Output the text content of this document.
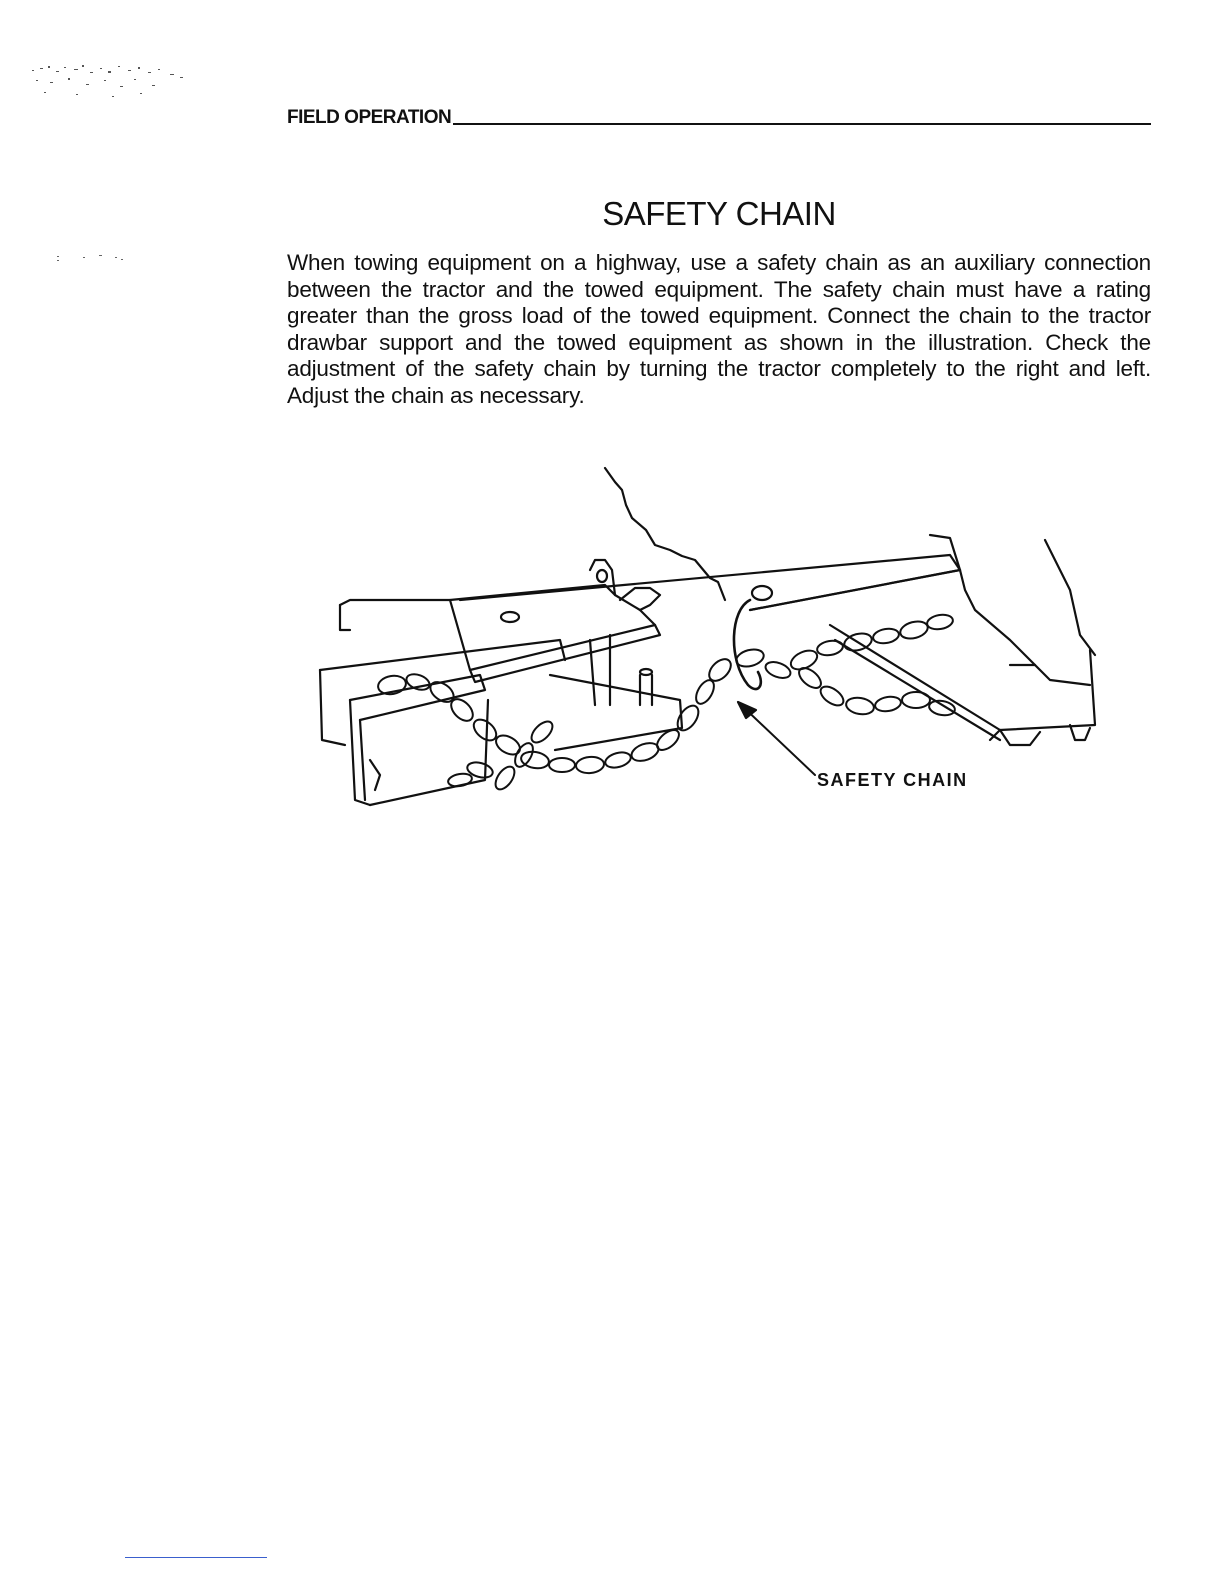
FIELD OPERATION
SAFETY CHAIN
When towing equipment on a highway, use a safety chain as an auxiliary connection between the tractor and the towed equipment. The safety chain must have a rating greater than the gross load of the towed equipment. Connect the chain to the tractor drawbar support and the towed equipment as shown in the illustration. Check the adjustment of the safety chain by turning the tractor completely to the right and left. Adjust the chain as necessary.
SAFETY CHAIN
